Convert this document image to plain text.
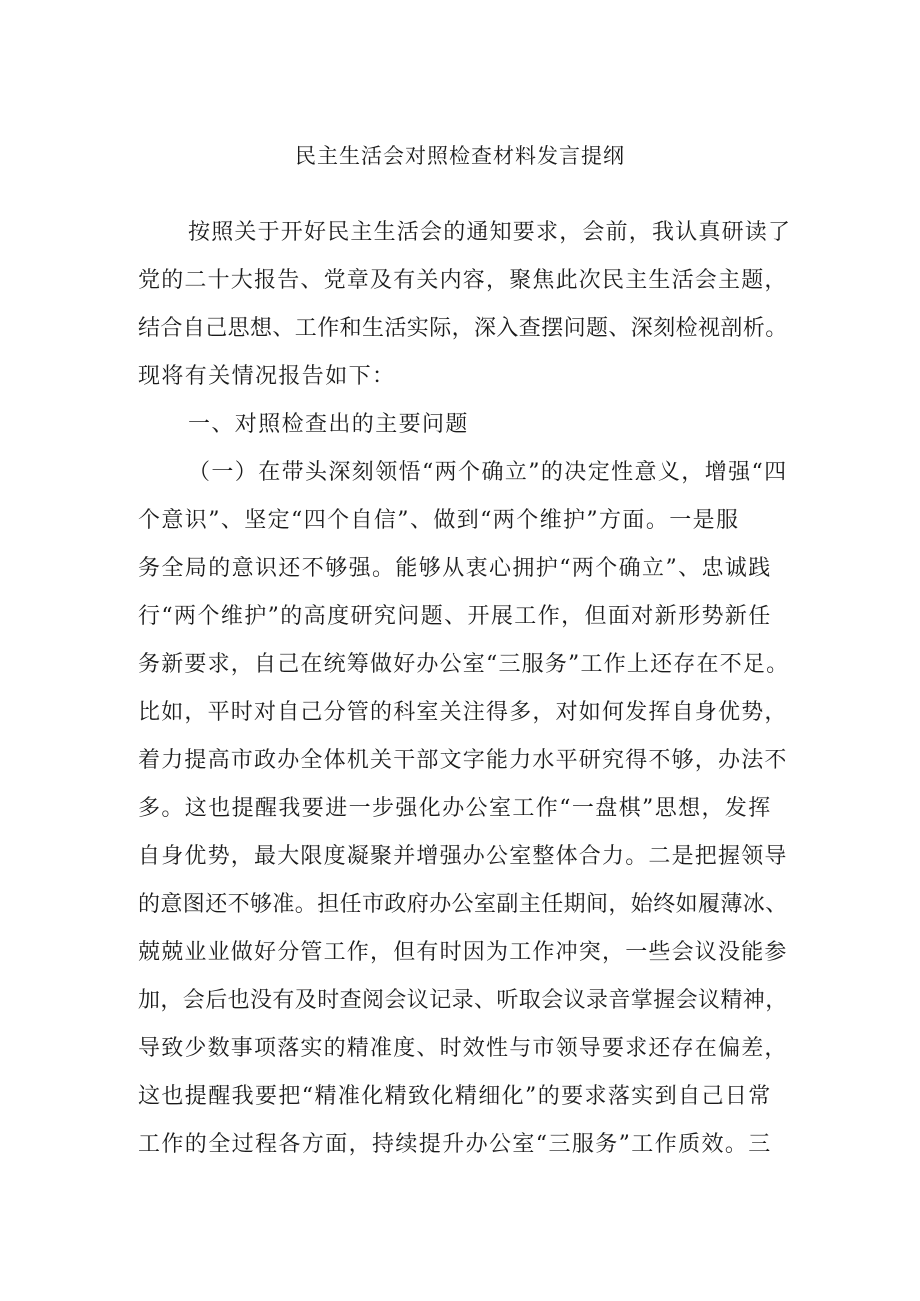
民主生活会对照检查材料发言提纲
按照关于开好民主生活会的通知要求，会前，我认真研读了
党的二十大报告、党章及有关内容，聚焦此次民主生活会主题，
结合自己思想、工作和生活实际，深入查摆问题、深刻检视剖析。
现将有关情况报告如下：
一、对照检查出的主要问题
（一）在带头深刻领悟“两个确立”的决定性意义，增强“四
个意识”、坚定“四个自信”、做到“两个维护”方面。一是服
务全局的意识还不够强。能够从衷心拥护“两个确立”、忠诚践
行“两个维护”的高度研究问题、开展工作，但面对新形势新任
务新要求，自己在统筹做好办公室“三服务”工作上还存在不足。
比如，平时对自己分管的科室关注得多，对如何发挥自身优势，
着力提高市政办全体机关干部文字能力水平研究得不够，办法不
多。这也提醒我要进一步强化办公室工作“一盘棋”思想，发挥
自身优势，最大限度凝聚并增强办公室整体合力。二是把握领导
的意图还不够准。担任市政府办公室副主任期间，始终如履薄冰、
兢兢业业做好分管工作，但有时因为工作冲突，一些会议没能参
加，会后也没有及时查阅会议记录、听取会议录音掌握会议精神，
导致少数事项落实的精准度、时效性与市领导要求还存在偏差，
这也提醒我要把“精准化精致化精细化”的要求落实到自己日常
工作的全过程各方面，持续提升办公室“三服务”工作质效。三
